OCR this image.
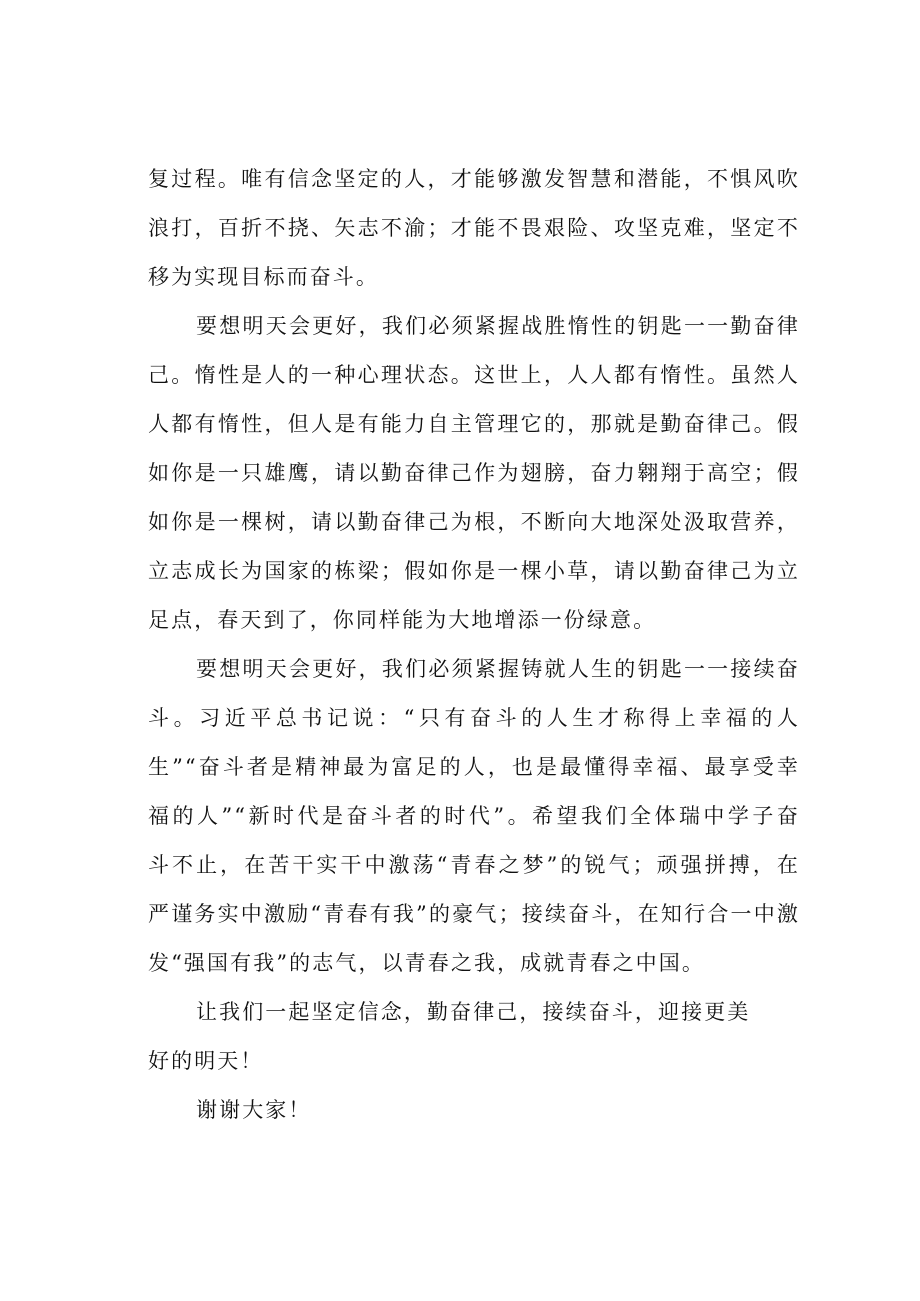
复过程。唯有信念坚定的人，才能够激发智慧和潜能，不惧风吹
浪打，百折不挠、矢志不渝；才能不畏艰险、攻坚克难，坚定不
移为实现目标而奋斗。
要想明天会更好，我们必须紧握战胜惰性的钥匙一一勤奋律
己。惰性是人的一种心理状态。这世上，人人都有惰性。虽然人
人都有惰性，但人是有能力自主管理它的，那就是勤奋律己。假
如你是一只雄鹰，请以勤奋律己作为翅膀，奋力翱翔于高空；假
如你是一棵树，请以勤奋律己为根，不断向大地深处汲取营养，
立志成长为国家的栋梁；假如你是一棵小草，请以勤奋律己为立
足点，春天到了，你同样能为大地增添一份绿意。
要想明天会更好，我们必须紧握铸就人生的钥匙一一接续奋
斗。习近平总书记说：“只有奋斗的人生才称得上幸福的人
生”“奋斗者是精神最为富足的人，也是最懂得幸福、最享受幸
福的人”“新时代是奋斗者的时代”。希望我们全体瑞中学子奋
斗不止，在苦干实干中激荡“青春之梦”的锐气；顽强拼搏，在
严谨务实中激励“青春有我”的豪气；接续奋斗，在知行合一中激
发“强国有我”的志气，以青春之我，成就青春之中国。
让我们一起坚定信念，勤奋律己，接续奋斗，迎接更美
好的明天！
谢谢大家！
